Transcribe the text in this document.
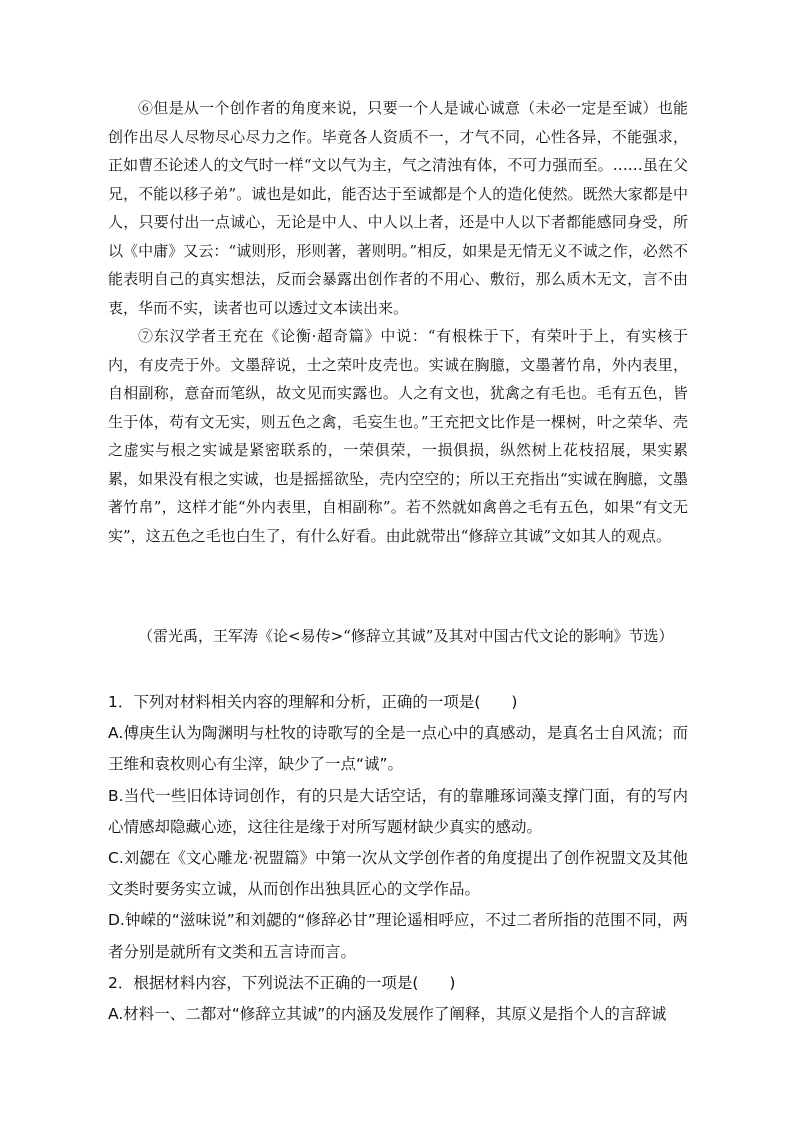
⑥但是从一个创作者的角度来说，只要一个人是诚心诚意（未必一定是至诚）也能创作出尽人尽物尽心尽力之作。毕竟各人资质不一，才气不同，心性各异，不能强求，正如曹丕论述人的文气时一样“文以气为主，气之清浊有体，不可力强而至。……虽在父兄，不能以移子弟”。诚也是如此，能否达于至诚都是个人的造化使然。既然大家都是中人，只要付出一点诚心，无论是中人、中人以上者，还是中人以下者都能感同身受，所以《中庸》又云：“诚则形，形则著，著则明。”相反，如果是无情无义不诚之作，必然不能表明自己的真实想法，反而会暴露出创作者的不用心、敷衍，那么质木无文，言不由衷，华而不实，读者也可以透过文本读出来。

⑦东汉学者王充在《论衡·超奇篇》中说：“有根株于下，有荣叶于上，有实核于内，有皮壳于外。文墨辞说，士之荣叶皮壳也。实诚在胸臆，文墨著竹帛，外内表里，自相副称，意奋而笔纵，故文见而实露也。人之有文也，犹禽之有毛也。毛有五色，皆生于体，苟有文无实，则五色之禽，毛妄生也。”王充把文比作是一棵树，叶之荣华、壳之虚实与根之实诚是紧密联系的，一荣俱荣，一损俱损，纵然树上花枝招展，果实累累，如果没有根之实诚，也是摇摇欲坠，壳内空空的；所以王充指出“实诚在胸臆，文墨著竹帛”，这样才能“外内表里，自相副称”。若不然就如禽兽之毛有五色，如果“有文无实”，这五色之毛也白生了，有什么好看。由此就带出“修辞立其诚”文如其人的观点。

（雷光禹，王军涛《论<易传>“修辞立其诚”及其对中国古代文论的影响》节选）
1．下列对材料相关内容的理解和分析，正确的一项是(　　)
A.傅庚生认为陶渊明与杜牧的诗歌写的全是一点心中的真感动，是真名士自风流；而王维和袁枚则心有尘滓，缺少了一点“诚”。
B.当代一些旧体诗词创作，有的只是大话空话，有的靠雕琢词藻支撑门面，有的写内心情感却隐藏心迹，这往往是缘于对所写题材缺少真实的感动。
C.刘勰在《文心雕龙·祝盟篇》中第一次从文学创作者的角度提出了创作祝盟文及其他文类时要务实立诚，从而创作出独具匠心的文学作品。
D.钟嵘的“滋味说”和刘勰的“修辞必甘”理论遥相呼应，不过二者所指的范围不同，两者分别是就所有文类和五言诗而言。
2．根据材料内容，下列说法不正确的一项是(　　)
A.材料一、二都对“修辞立其诚”的内涵及发展作了阐释，其原义是指个人的言辞诚
